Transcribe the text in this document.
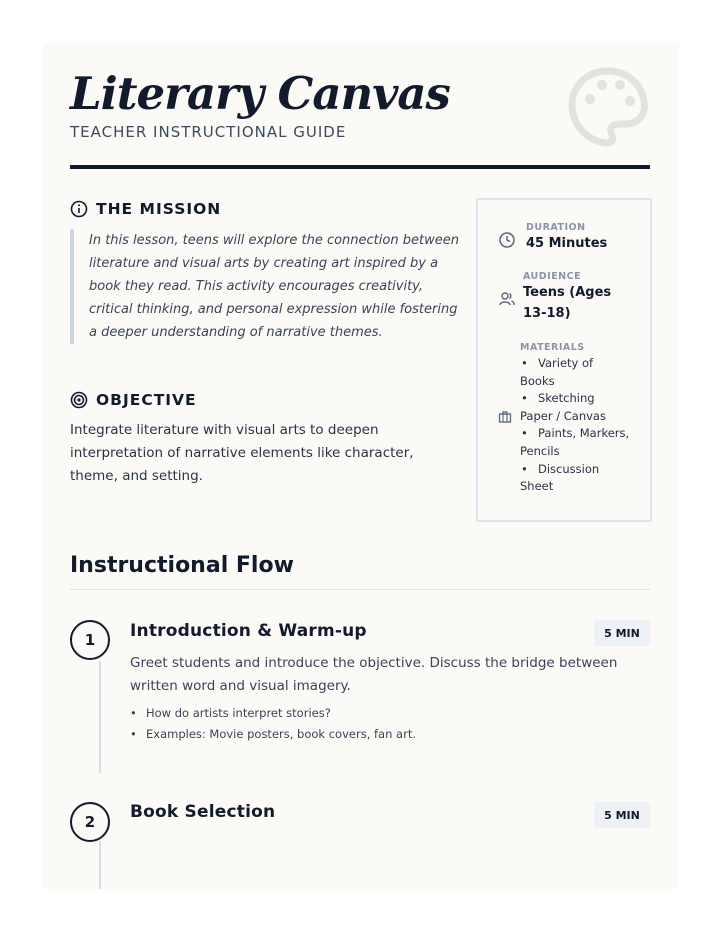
Literary Canvas
TEACHER INSTRUCTIONAL GUIDE
THE MISSION
In this lesson, teens will explore the connection between literature and visual arts by creating art inspired by a book they read. This activity encourages creativity, critical thinking, and personal expression while fostering a deeper understanding of narrative themes.
OBJECTIVE
Integrate literature with visual arts to deepen interpretation of narrative elements like character, theme, and setting.
DURATION
45 Minutes
AUDIENCE
Teens (Ages 13-18)
MATERIALS
• Variety of Books
• Sketching Paper / Canvas
• Paints, Markers, Pencils
• Discussion Sheet
Instructional Flow
1	Introduction & Warm-up	5 MIN
Greet students and introduce the objective. Discuss the bridge between written word and visual imagery.
• How do artists interpret stories?
• Examples: Movie posters, book covers, fan art.
2	Book Selection	5 MIN
